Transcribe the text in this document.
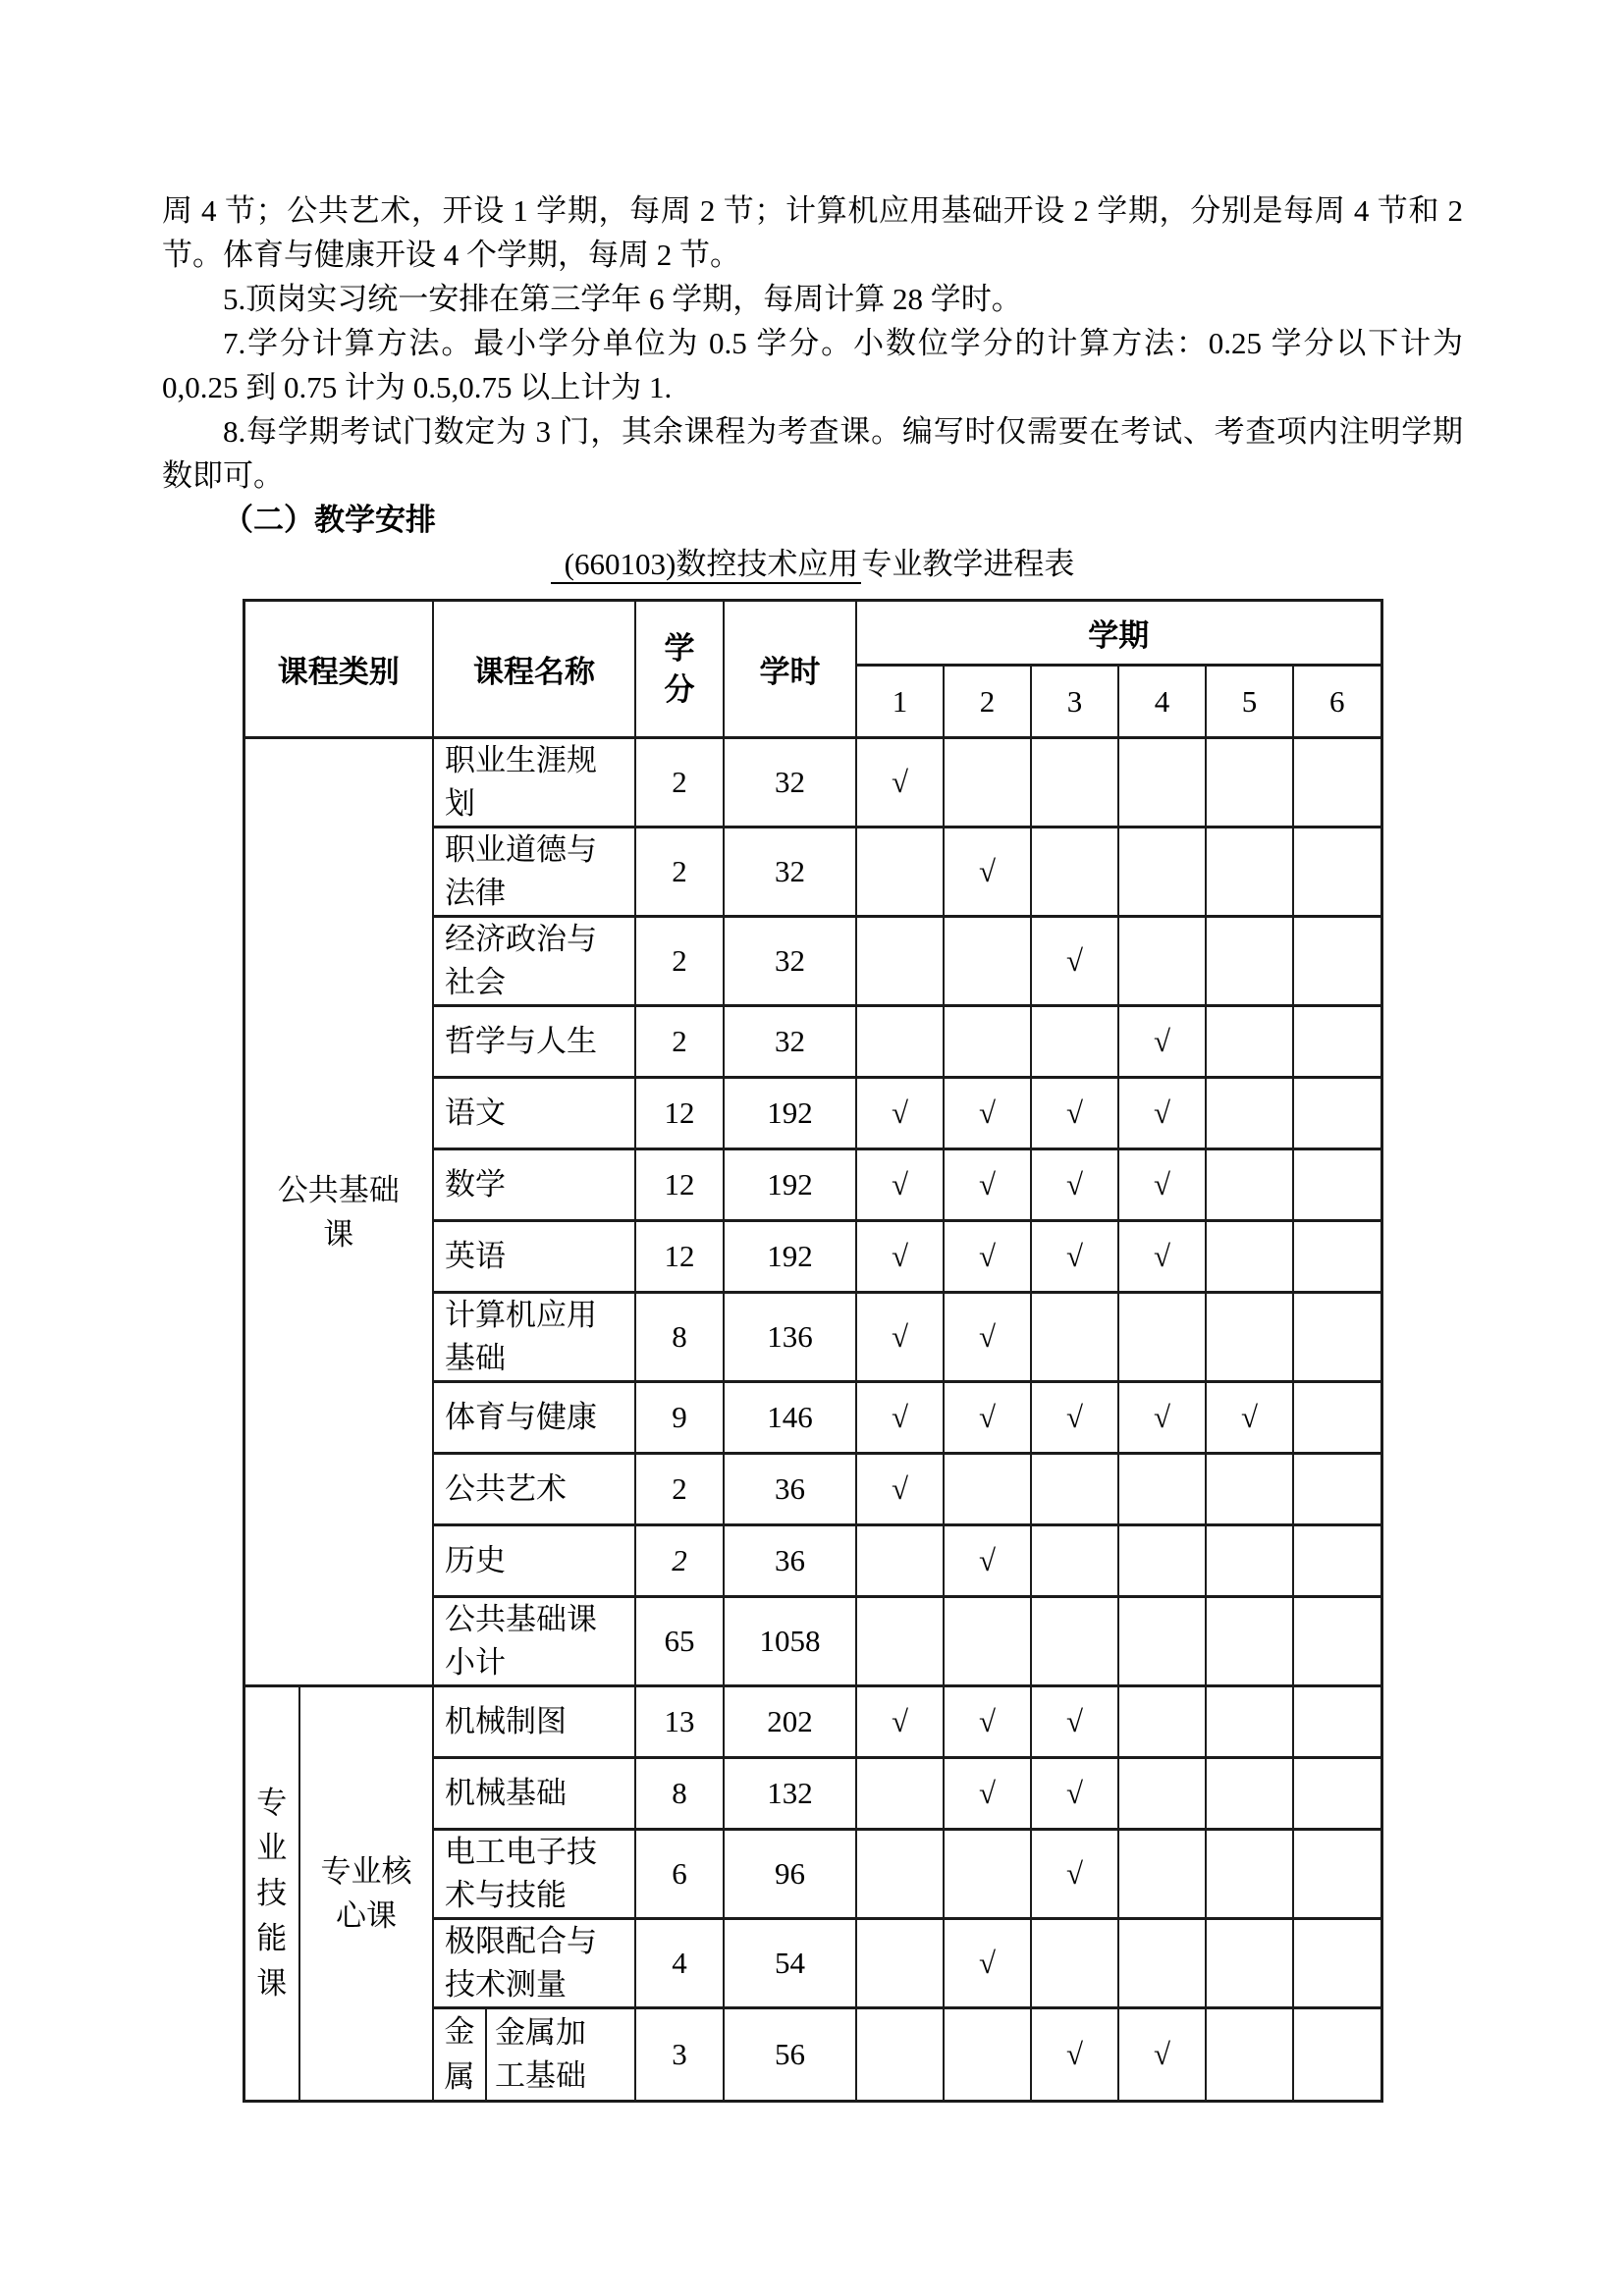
周 4 节；公共艺术，开设 1 学期，每周 2 节；计算机应用基础开设 2 学期，分别是每周 4 节和 2 节。体育与健康开设 4 个学期，每周 2 节。

5.顶岗实习统一安排在第三学年 6 学期，每周计算 28 学时。

7.学分计算方法。最小学分单位为 0.5 学分。小数位学分的计算方法：0.25 学分以下计为 0,0.25 到 0.75 计为 0.5,0.75 以上计为 1.

8.每学期考试门数定为 3 门，其余课程为考查课。编写时仅需要在考试、考查项内注明学期数即可。

（二）教学安排

(660103)数控技术应用专业教学进程表

课程类别		课程名称		学分	学时	学期					
						1	2	3	4	5	6

公共基础课		职业生涯规划		2	32	√					

		职业道德与法律		2	32		√				

		经济政治与社会		2	32			√			

		哲学与人生		2	32				√		

		语文		12	192	√	√	√	√		

		数学		12	192	√	√	√	√		

		英语		12	192	√	√	√	√		

		计算机应用基础		8	136	√	√				

		体育与健康		9	146	√	√	√	√	√	

		公共艺术		2	36	√					

		历史		2	36		√				

		公共基础课小计		65	1058						

专业技能课	专业核心课	机械制图		13	202	√	√	√			

		机械基础		8	132		√	√			

		电工电子技术与技能		6	96			√			

		极限配合与技术测量		4	54		√				

		金属	金属加工基础	3	56			√	√		
